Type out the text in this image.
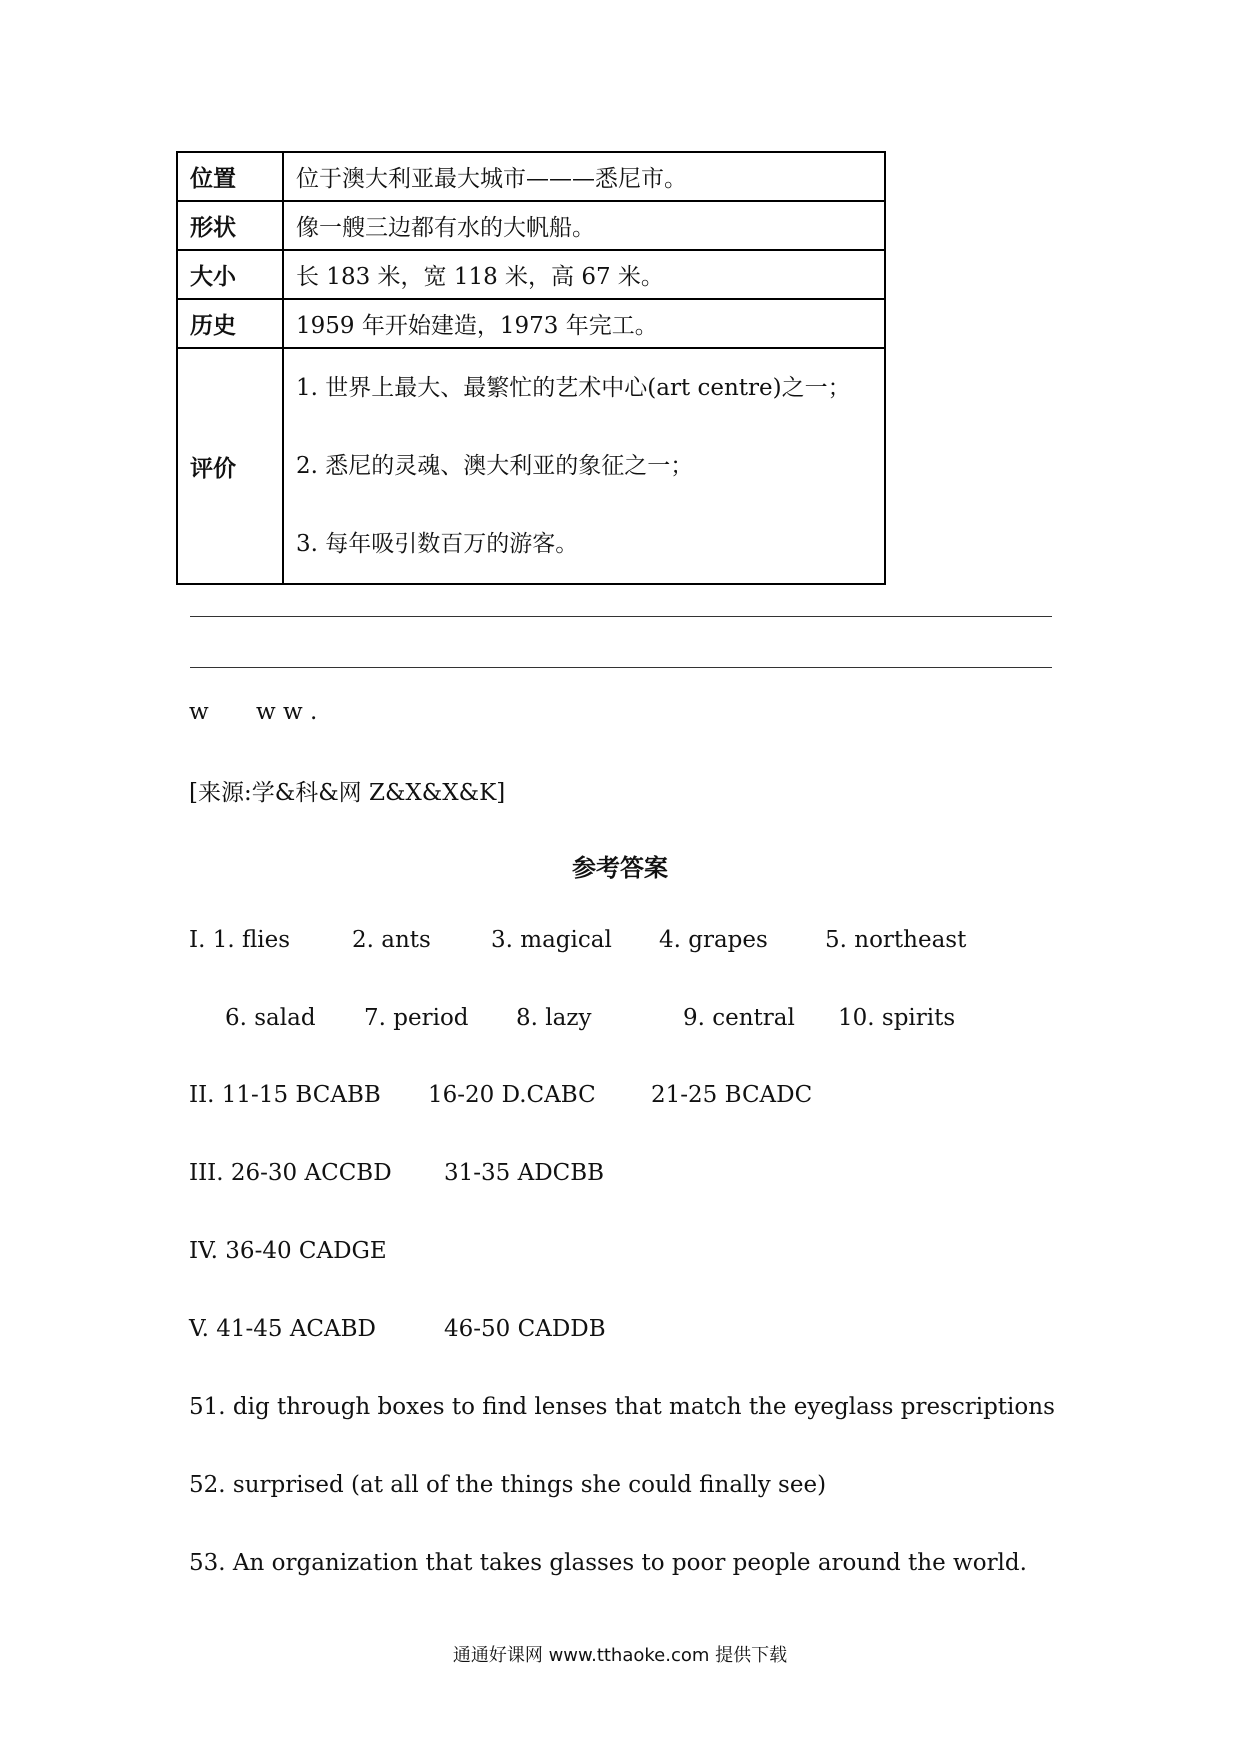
位置	位于澳大利亚最大城市———悉尼市。
形状	像一艘三边都有水的大帆船。
大小	长 183 米，宽 118 米，高 67 米。
历史	1959 年开始建造，1973 年完工。
评价	1. 世界上最大、最繁忙的艺术中心(art centre)之一；
2. 悉尼的灵魂、澳大利亚的象征之一；
3. 每年吸引数百万的游客。
w w w .
[来源:学&科&网 Z&X&X&K]
参考答案
I. 1. flies	2. ants	3. magical 4. grapes 5. northeast
6. salad 7. period 8. lazy	9. central 10. spirits
II. 11-15 BCABB 16-20 D.CABC 21-25 BCADC
III. 26-30 ACCBD 31-35 ADCBB
IV. 36-40 CADGE
V. 41-45 ACABD	46-50 CADDB
51. dig through boxes to find lenses that match the eyeglass prescriptions
52. surprised (at all of the things she could finally see)
53. An organization that takes glasses to poor people around the world.
通通好课网 www.tthaoke.com 提供下载
